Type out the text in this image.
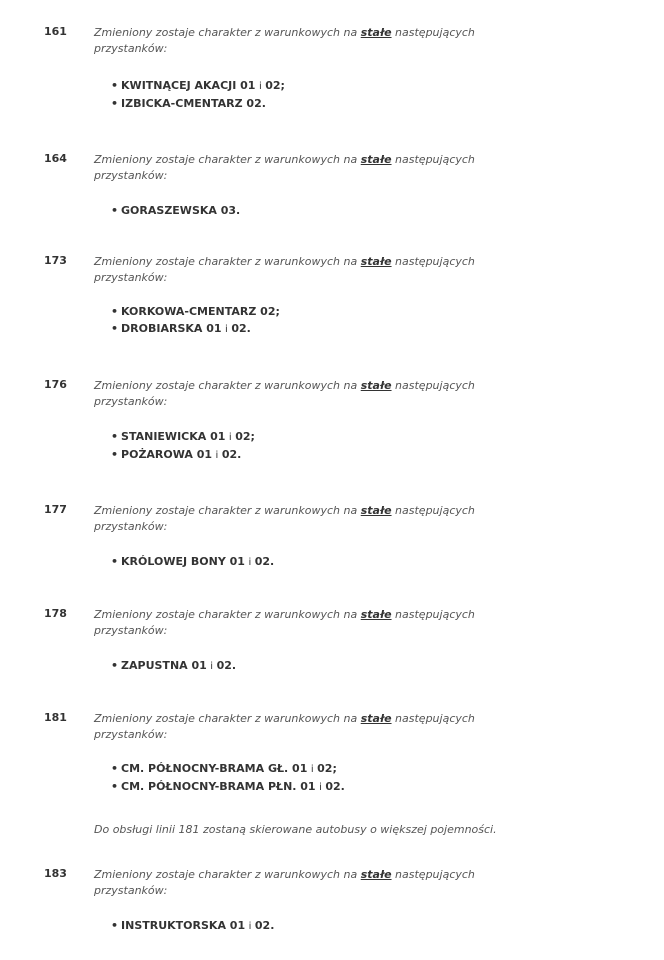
161 Zmieniony zostaje charakter z warunkowych na stałe następujących
przystanków:
• KWITNĄCEJ AKACJI 01 i 02;
• IZBICKA-CMENTARZ 02.
164 Zmieniony zostaje charakter z warunkowych na stałe następujących
przystanków:
• GORASZEWSKA 03.
173 Zmieniony zostaje charakter z warunkowych na stałe następujących
przystanków:
• KORKOWA-CMENTARZ 02;
• DROBIARSKA 01 i 02.
176 Zmieniony zostaje charakter z warunkowych na stałe następujących
przystanków:
• STANIEWICKA 01 i 02;
• POŻAROWA 01 i 02.
177 Zmieniony zostaje charakter z warunkowych na stałe następujących
przystanków:
• KRÓLOWEJ BONY 01 i 02.
178 Zmieniony zostaje charakter z warunkowych na stałe następujących
przystanków:
• ZAPUSTNA 01 i 02.
181 Zmieniony zostaje charakter z warunkowych na stałe następujących
przystanków:
• CM. PÓŁNOCNY-BRAMA GŁ. 01 i 02;
• CM. PÓŁNOCNY-BRAMA PŁN. 01 i 02.
Do obsługi linii 181 zostaną skierowane autobusy o większej pojemności.
183 Zmieniony zostaje charakter z warunkowych na stałe następujących
przystanków:
• INSTRUKTORSKA 01 i 02.
